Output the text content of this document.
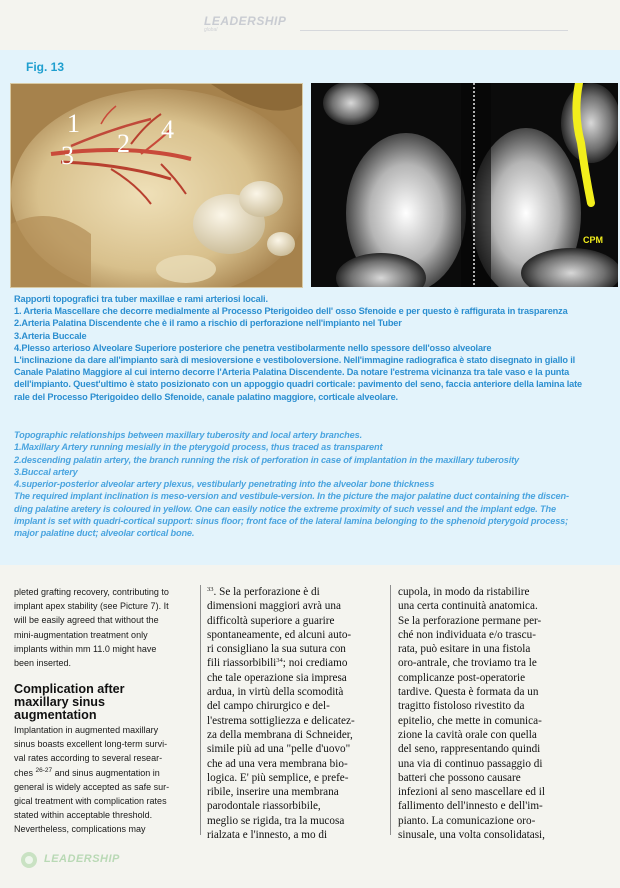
LEADERSHIP
global
Fig. 13
1
2
3
4
CPM
Rapporti topografici tra tuber maxillae e rami arteriosi locali.
1. Arteria Mascellare che decorre medialmente al Processo Pterigoideo dell' osso Sfenoide e per questo è raffigurata in trasparenza
2.Arteria Palatina Discendente che è il ramo a rischio di perforazione nell'impianto nel Tuber
3.Arteria Buccale
4.Plesso arterioso Alveolare Superiore posteriore che penetra vestibolarmente nello spessore dell'osso alveolare
L'inclinazione da dare all'impianto sarà di mesioversione e vestiboloversione. Nell'immagine radiografica è stato disegnato in giallo il
Canale Palatino Maggiore al cui interno decorre l'Arteria Palatina Discendente. Da notare l'estrema vicinanza tra tale vaso e la punta
dell'impianto. Quest'ultimo è stato posizionato con un appoggio quadri corticale: pavimento del seno, faccia anteriore della lamina late
rale del Processo Pterigoideo dello Sfenoide, canale palatino maggiore, corticale alveolare.
Topographic relationships between maxillary tuberosity and local artery branches.
1.Maxillary Artery running mesially in the pterygoid process, thus traced as transparent
2.descending palatin artery, the branch running the risk of perforation in case of implantation in the maxillary tuberosity
3.Buccal artery
4.superior-posterior alveolar artery plexus, vestibularly penetrating into the alveolar bone thickness
The required implant inclination is meso-version and vestibule-version. In the picture the major palatine duct containing the discen-
ding palatine aretery is coloured in yellow. One can easily notice the extreme proximity of such vessel and the implant edge. The
implant is set with quadri-cortical support: sinus floor; front face of the lateral lamina belonging to the sphenoid pterygoid process;
major palatine duct; alveolar cortical bone.
pleted grafting recovery, contributing to
implant apex stability (see Picture 7). It
will be easily agreed that without the
mini-augmentation treatment only
implants within mm 11.0 might have
been inserted.
Complication after
maxillary sinus
augmentation
Implantation in augmented maxillary
sinus boasts excellent long-term survi-
val rates according to several resear-
ches $^{26-27}$ and sinus augmentation in
general is widely accepted as safe sur-
gical treatment with complication rates
stated within acceptable threshold.
Nevertheless, complications may
$^{33}$. Se la perforazione è di
dimensioni maggiori avrà una
difficoltà superiore a guarire
spontaneamente, ed alcuni auto-
ri consigliano la sua sutura con
fili riassorbibili$^{34}$; noi crediamo
che tale operazione sia impresa
ardua, in virtù della scomodità
del campo chirurgico e del-
l'estrema sottigliezza e delicatez-
za della membrana di Schneider,
simile più ad una "pelle d'uovo"
che ad una vera membrana bio-
logica. E' più semplice, e prefe-
ribile, inserire una membrana
parodontale riassorbibile,
meglio se rigida, tra la mucosa
rialzata e l'innesto, a mo di
cupola, in modo da ristabilire
una certa continuità anatomica.
Se la perforazione permane per-
ché non individuata e/o trascu-
rata, può esitare in una fistola
oro-antrale, che troviamo tra le
complicanze post-operatorie
tardive. Questa è formata da un
tragitto fistoloso rivestito da
epitelio, che mette in comunica-
zione la cavità orale con quella
del seno, rappresentando quindi
una via di continuo passaggio di
batteri che possono causare
infezioni al seno mascellare ed il
fallimento dell'innesto e dell'im-
pianto. La comunicazione oro-
sinusale, una volta consolidatasi,
LEADERSHIP
